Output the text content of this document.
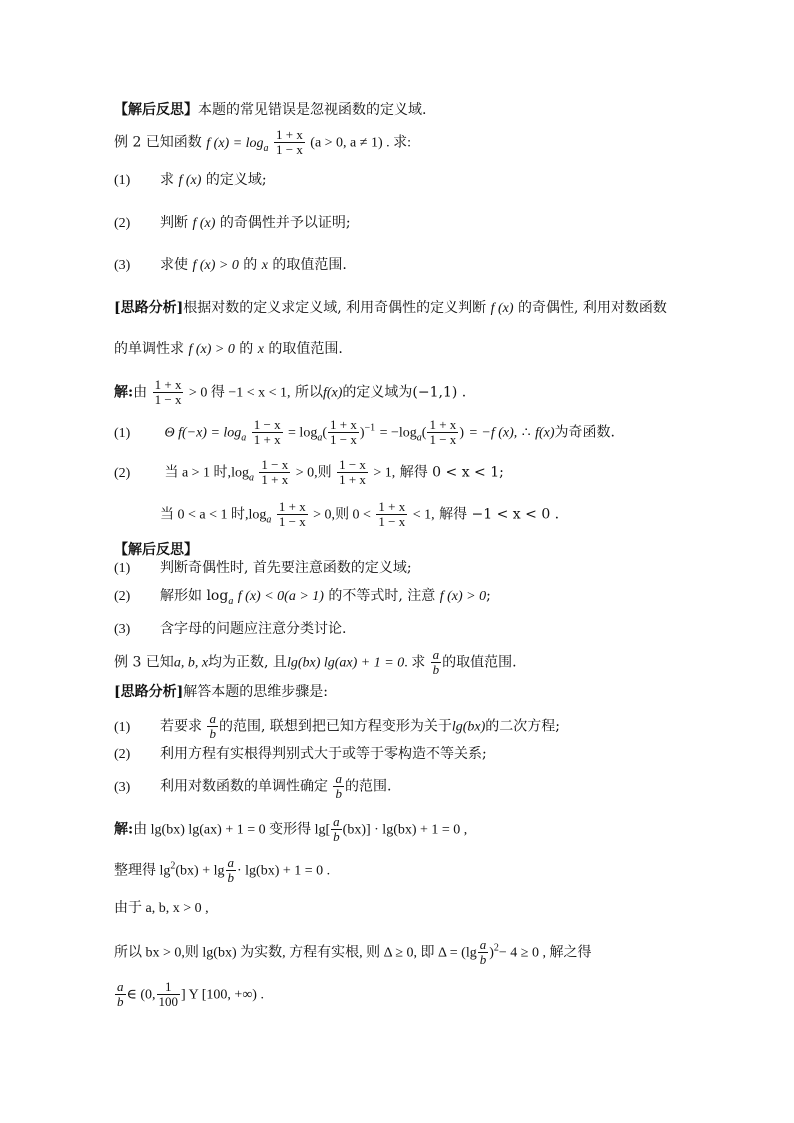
【解后反思】本题的常见错误是忽视函数的定义域.
例 2 已知函数 f $(x) = \log_a \frac{1 + x}{1 - x} (a > 0$, a ≠ 1) . 求:
(1) 求 f (x) 的定义域;
(2) 判断 f (x) 的奇偶性并予以证明;
(3) 求使 f (x) > 0 的 x 的取值范围.
[思路分析]根据对数的定义求定义域, 利用奇偶性的定义判断 f (x) 的奇偶性, 利用对数函数
的单调性求 f (x) > 0 的 x 的取值范围.
解:由 $\frac{1 + x}{1 - x} > 0$ 得 −1 < x < 1, 所以f(x)的定义域为(−1,1) .
(1) Θ $f(-x) = \log_a \frac{1 - x}{1 + x} = \log_a( \frac{1 + x}{1 - x} )^{-1} = -\log_a( \frac{1 + x}{1 - x}$ ) = −f (x), ∴ f(x)为奇函数.
(2) 当 a > 1 时$,\log_a \frac{1 - x}{1 + x} > 0$,则 $\frac{1 - x}{1 + x} > 1$, 解得 0 < x < 1;
当 0 < a < 1 时$,\log_a \frac{1 + x}{1 - x} > 0$,则 $0 < \frac{1 + x}{1 - x} < 1$, 解得 −1 < x < 0 .
【解后反思】
(1) 判断奇偶性时, 首先要注意函数的定义域;
(2) 解形如 $\log_a f$ (x) < 0(a > 1) 的不等式时, 注意 f (x) > 0;
(3) 含字母的问题应注意分类讨论.
例 3 已知a, b, x均为正数, 且lg(bx) lg(ax) + 1 = 0. 求 $\frac{a}{b}$ 的取值范围.
[思路分析]解答本题的思维步骤是:
(1) 若要求 $\frac{a}{b}$ 的范围, 联想到把已知方程变形为关于lg(bx)的二次方程;
(2) 利用方程有实根得判别式大于或等于零构造不等关系;
(3) 利用对数函数的单调性确定 $\frac{a}{b}$ 的范围.
解:由 lg(bx) lg(ax) + 1 = 0 变形得 $\lg[ \frac{a}{b} (bx)] \cdot \lg(bx) + 1 = 0$ ,
整理得 $\lg^2(bx) + \lg \frac{a}{b} \cdot \lg(bx) + 1 = 0$ .
由于 a, b, x > 0 ,
所以 bx > 0,则 lg(bx) 为实数, 方程有实根, 则 Δ ≥ 0, 即 $\Delta = (\lg \frac{a}{b} )^2- 4 \ge 0$ , 解之得
$\frac{a}{b}$ ∈ (0, $\frac{1}{100}$ ] Υ [100, +∞) .
